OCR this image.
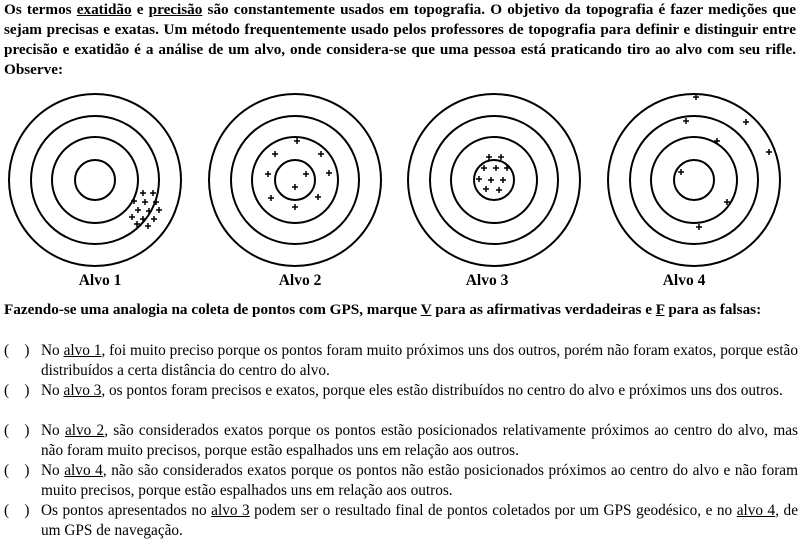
Os termos exatidão e precisão são constantemente usados em topografia. O objetivo da topografia é fazer medições que sejam precisas e exatas. Um método frequentemente usado pelos professores de topografia para definir e distinguir entre precisão e exatidão é a análise de um alvo, onde considera-se que uma pessoa está praticando tiro ao alvo com seu rifle. Observe:

Alvo 1	Alvo 2	Alvo 3	Alvo 4

Fazendo-se uma analogia na coleta de pontos com GPS, marque V para as afirmativas verdadeiras e F para as falsas:

(    ) No alvo 1, foi muito preciso porque os pontos foram muito próximos uns dos outros, porém não foram exatos, porque estão distribuídos a certa distância do centro do alvo.
(    ) No alvo 3, os pontos foram precisos e exatos, porque eles estão distribuídos no centro do alvo e próximos uns dos outros.
(    ) No alvo 2, são considerados exatos porque os pontos estão posicionados relativamente próximos ao centro do alvo, mas não foram muito precisos, porque estão espalhados uns em relação aos outros.
(    ) No alvo 4, não são considerados exatos porque os pontos não estão posicionados próximos ao centro do alvo e não foram muito precisos, porque estão espalhados uns em relação aos outros.
(    ) Os pontos apresentados no alvo 3 podem ser o resultado final de pontos coletados por um GPS geodésico, e no alvo 4, de um GPS de navegação.
